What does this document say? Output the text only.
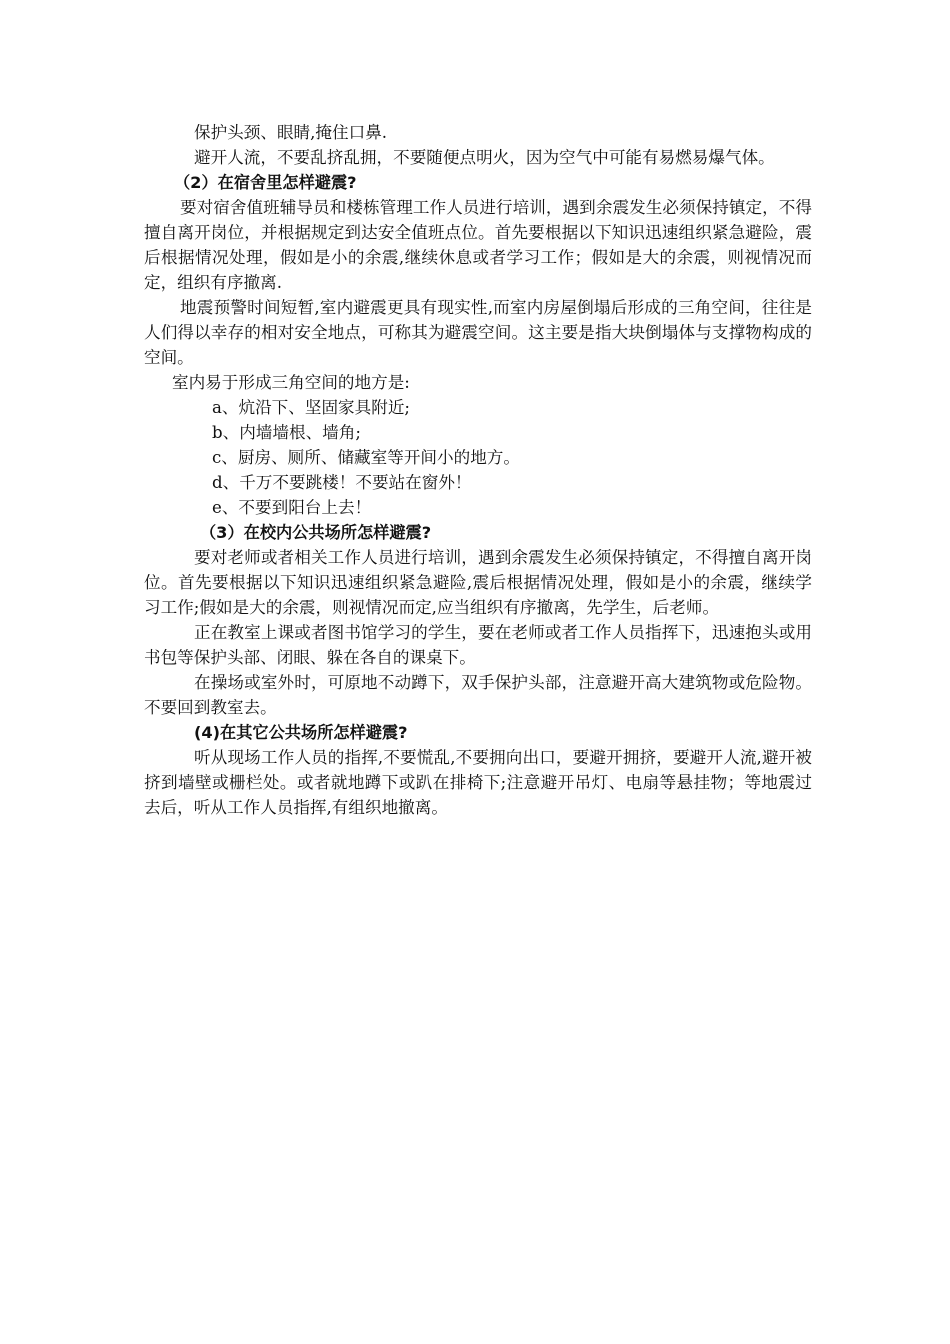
保护头颈、眼睛,掩住口鼻.

避开人流，不要乱挤乱拥，不要随便点明火，因为空气中可能有易燃易爆气体。

（2）在宿舍里怎样避震?

要对宿舍值班辅导员和楼栋管理工作人员进行培训，遇到余震发生必须保持镇定，不得擅自离开岗位，并根据规定到达安全值班点位。首先要根据以下知识迅速组织紧急避险，震后根据情况处理，假如是小的余震,继续休息或者学习工作；假如是大的余震，则视情况而定，组织有序撤离.

地震预警时间短暂,室内避震更具有现实性,而室内房屋倒塌后形成的三角空间，往往是人们得以幸存的相对安全地点，可称其为避震空间。这主要是指大块倒塌体与支撑物构成的空间。

室内易于形成三角空间的地方是:

a、炕沿下、坚固家具附近;

b、内墙墙根、墙角;

c、厨房、厕所、储藏室等开间小的地方。

d、千万不要跳楼！不要站在窗外！

e、不要到阳台上去！

（3）在校内公共场所怎样避震?

要对老师或者相关工作人员进行培训，遇到余震发生必须保持镇定，不得擅自离开岗位。首先要根据以下知识迅速组织紧急避险,震后根据情况处理，假如是小的余震，继续学习工作;假如是大的余震，则视情况而定,应当组织有序撤离，先学生，后老师。

正在教室上课或者图书馆学习的学生，要在老师或者工作人员指挥下，迅速抱头或用书包等保护头部、闭眼、躲在各自的课桌下。

在操场或室外时，可原地不动蹲下，双手保护头部，注意避开高大建筑物或危险物。不要回到教室去。

(4)在其它公共场所怎样避震?

听从现场工作人员的指挥,不要慌乱,不要拥向出口，要避开拥挤，要避开人流,避开被挤到墙壁或栅栏处。或者就地蹲下或趴在排椅下;注意避开吊灯、电扇等悬挂物；等地震过去后，听从工作人员指挥,有组织地撤离。
